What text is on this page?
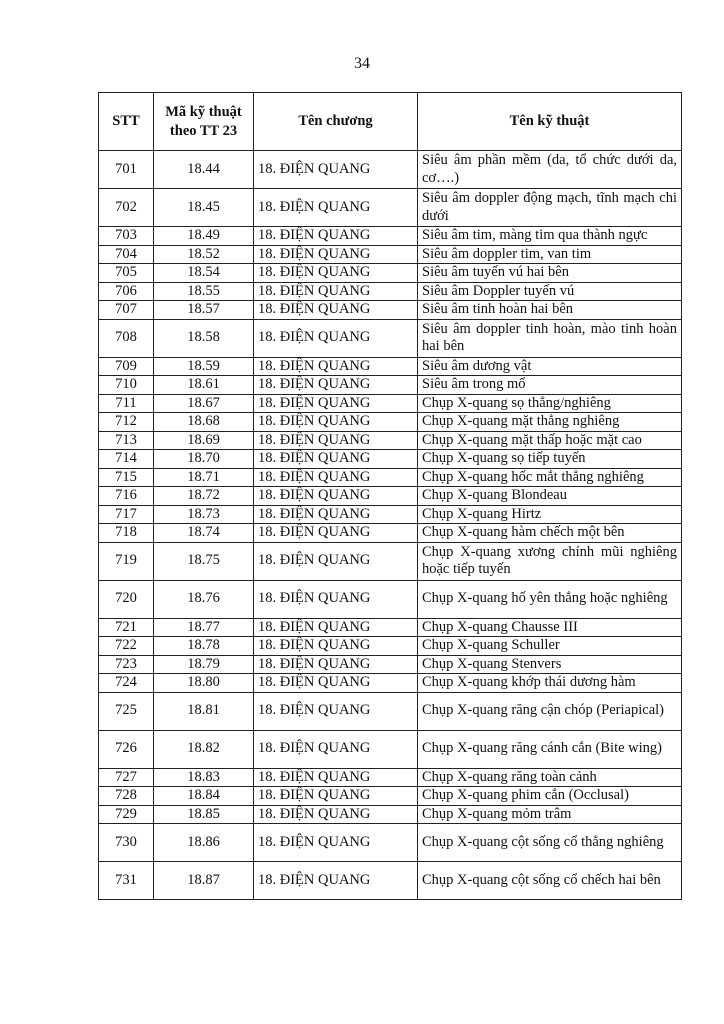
34
STT	Mã kỹ thuật theo TT 23	Tên chương	Tên kỹ thuật
701	18.44	18. ĐIỆN QUANG	Siêu âm phần mềm (da, tổ chức dưới da, cơ….)
702	18.45	18. ĐIỆN QUANG	Siêu âm doppler động mạch, tĩnh mạch chi dưới
703	18.49	18. ĐIỆN QUANG	Siêu âm tim, màng tim qua thành ngực
704	18.52	18. ĐIỆN QUANG	Siêu âm doppler tim, van tim
705	18.54	18. ĐIỆN QUANG	Siêu âm tuyến vú hai bên
706	18.55	18. ĐIỆN QUANG	Siêu âm Doppler tuyến vú
707	18.57	18. ĐIỆN QUANG	Siêu âm tinh hoàn hai bên
708	18.58	18. ĐIỆN QUANG	Siêu âm doppler tinh hoàn, mào tinh hoàn hai bên
709	18.59	18. ĐIỆN QUANG	Siêu âm dương vật
710	18.61	18. ĐIỆN QUANG	Siêu âm trong mổ
711	18.67	18. ĐIỆN QUANG	Chụp X-quang sọ thẳng/nghiêng
712	18.68	18. ĐIỆN QUANG	Chụp X-quang mặt thẳng nghiêng
713	18.69	18. ĐIỆN QUANG	Chụp X-quang mặt thấp hoặc mặt cao
714	18.70	18. ĐIỆN QUANG	Chụp X-quang sọ tiếp tuyến
715	18.71	18. ĐIỆN QUANG	Chụp X-quang hốc mắt thẳng nghiêng
716	18.72	18. ĐIỆN QUANG	Chụp X-quang Blondeau
717	18.73	18. ĐIỆN QUANG	Chụp X-quang Hirtz
718	18.74	18. ĐIỆN QUANG	Chụp X-quang hàm chếch một bên
719	18.75	18. ĐIỆN QUANG	Chụp X-quang xương chính mũi nghiêng hoặc tiếp tuyến
720	18.76	18. ĐIỆN QUANG	Chụp X-quang hố yên thẳng hoặc nghiêng
721	18.77	18. ĐIỆN QUANG	Chụp X-quang Chausse III
722	18.78	18. ĐIỆN QUANG	Chụp X-quang Schuller
723	18.79	18. ĐIỆN QUANG	Chụp X-quang Stenvers
724	18.80	18. ĐIỆN QUANG	Chụp X-quang khớp thái dương hàm
725	18.81	18. ĐIỆN QUANG	Chụp X-quang răng cận chóp (Periapical)
726	18.82	18. ĐIỆN QUANG	Chụp X-quang răng cánh cắn (Bite wing)
727	18.83	18. ĐIỆN QUANG	Chụp X-quang răng toàn cảnh
728	18.84	18. ĐIỆN QUANG	Chụp X-quang phim cắn (Occlusal)
729	18.85	18. ĐIỆN QUANG	Chụp X-quang mỏm trâm
730	18.86	18. ĐIỆN QUANG	Chụp X-quang cột sống cổ thẳng nghiêng
731	18.87	18. ĐIỆN QUANG	Chụp X-quang cột sống cổ chếch hai bên
